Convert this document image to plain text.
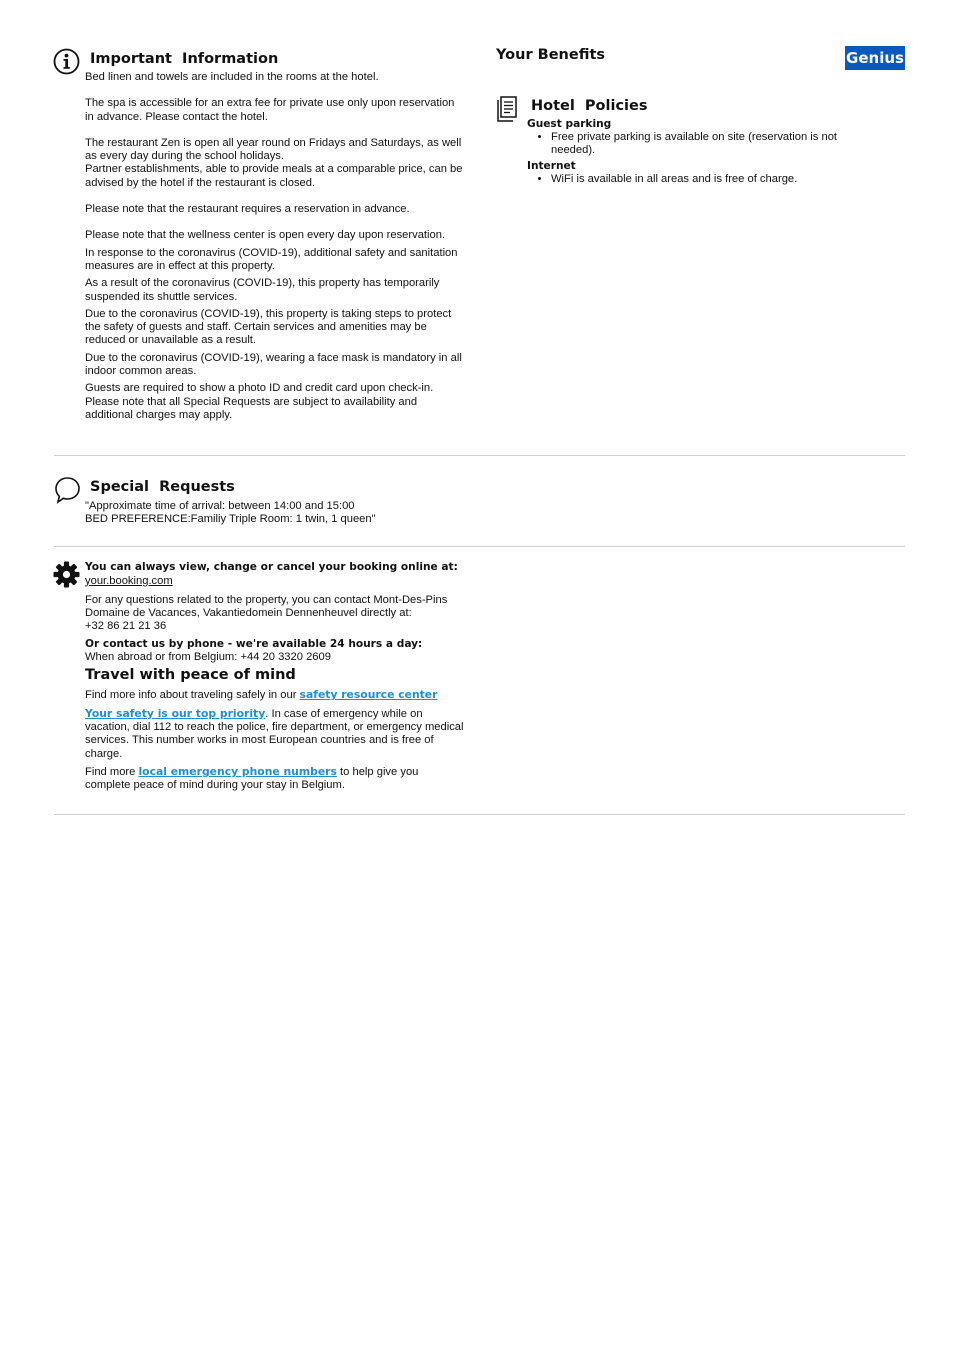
Important  Information

Bed linen and towels are included in the rooms at the hotel.

The spa is accessible for an extra fee for private use only upon reservation in advance. Please contact the hotel.

The restaurant Zen is open all year round on Fridays and Saturdays, as well as every day during the school holidays.

Partner establishments, able to provide meals at a comparable price, can be advised by the hotel if the restaurant is closed.

Please note that the restaurant requires a reservation in advance.

Please note that the wellness center is open every day upon reservation.

In response to the coronavirus (COVID-19), additional safety and sanitation measures are in effect at this property.

As a result of the coronavirus (COVID-19), this property has temporarily suspended its shuttle services.

Due to the coronavirus (COVID-19), this property is taking steps to protect the safety of guests and staff. Certain services and amenities may be reduced or unavailable as a result.

Due to the coronavirus (COVID-19), wearing a face mask is mandatory in all indoor common areas.

Guests are required to show a photo ID and credit card upon check-in.

Please note that all Special Requests are subject to availability and additional charges may apply.

Your Benefits	Genius
Hotel  Policies
Guest parking
• Free private parking is available on site (reservation is not needed).
Internet
• WiFi is available in all areas and is free of charge.
Special  Requests
"Approximate time of arrival: between 14:00 and 15:00
BED PREFERENCE:Familiy Triple Room: 1 twin, 1 queen"
You can always view, change or cancel your booking online at:
your.booking.com
For any questions related to the property, you can contact Mont-Des-Pins Domaine de Vacances, Vakantiedomein Dennenheuvel directly at:
+32 86 21 21 36
Or contact us by phone - we're available 24 hours a day:
When abroad or from Belgium: +44 20 3320 2609
Travel with peace of mind
Find more info about traveling safely in our safety resource center
Your safety is our top priority. In case of emergency while on vacation, dial 112 to reach the police, fire department, or emergency medical services. This number works in most European countries and is free of charge.
Find more local emergency phone numbers to help give you complete peace of mind during your stay in Belgium.
